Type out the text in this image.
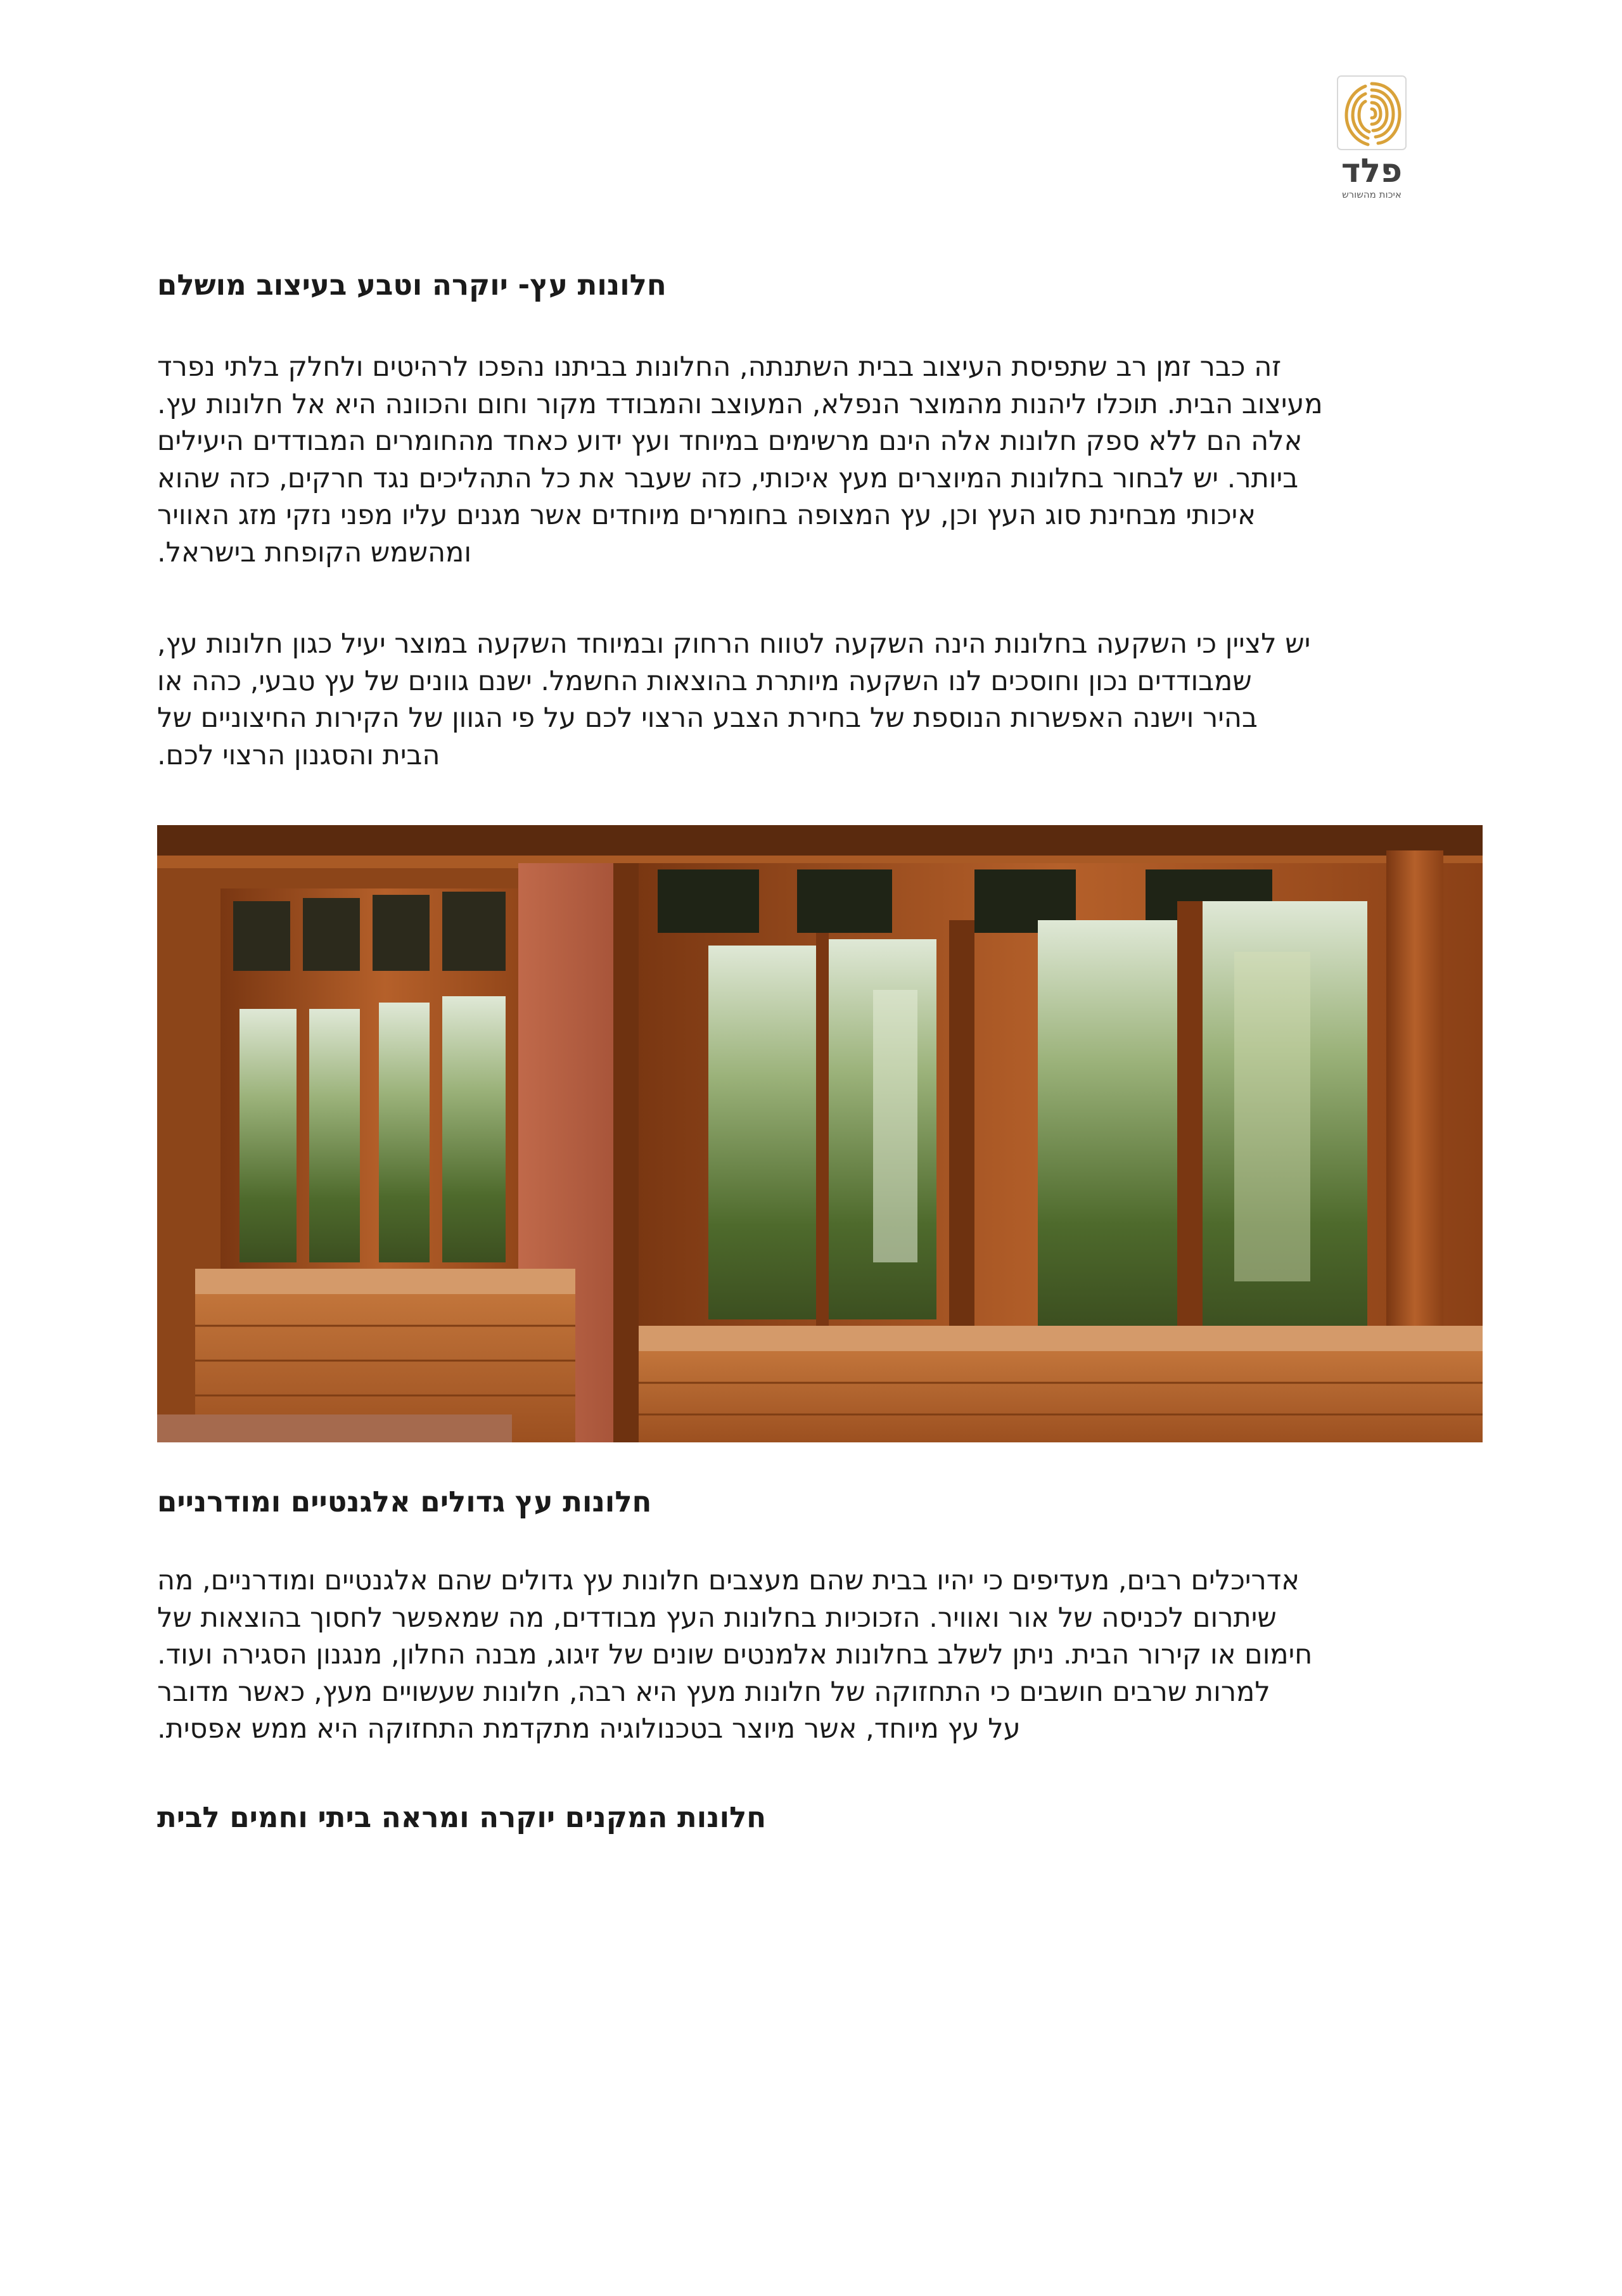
פלד
איכות מהשורש
חלונות עץ- יוקרה וטבע בעיצוב מושלם
זה כבר זמן רב שתפיסת העיצוב בבית השתנתה, החלונות בביתנו נהפכו לרהיטים ולחלק בלתי נפרד
מעיצוב הבית. תוכלו ליהנות מהמוצר הנפלא, המעוצב והמבודד מקור וחום והכוונה היא אל חלונות עץ.
אלה הם ללא ספק חלונות אלה הינם מרשימים במיוחד ועץ ידוע כאחד מהחומרים המבודדים היעילים
ביותר. יש לבחור בחלונות המיוצרים מעץ איכותי, כזה שעבר את כל התהליכים נגד חרקים, כזה שהוא
איכותי מבחינת סוג העץ וכן, עץ המצופה בחומרים מיוחדים אשר מגנים עליו מפני נזקי מזג האוויר
ומהשמש הקופחת בישראל.
יש לציין כי השקעה בחלונות הינה השקעה לטווח הרחוק ובמיוחד השקעה במוצר יעיל כגון חלונות עץ,
שמבודדים נכון וחוסכים לנו השקעה מיותרת בהוצאות החשמל. ישנם גוונים של עץ טבעי, כהה או
בהיר וישנה האפשרות הנוספת של בחירת הצבע הרצוי לכם על פי הגוון של הקירות החיצוניים של
הבית והסגנון הרצוי לכם.
חלונות עץ גדולים אלגנטיים ומודרניים
אדריכלים רבים, מעדיפים כי יהיו בבית שהם מעצבים חלונות עץ גדולים שהם אלגנטיים ומודרניים, מה
שיתרום לכניסה של אור ואוויר. הזכוכיות בחלונות העץ מבודדים, מה שמאפשר לחסוך בהוצאות של
חימום או קירור הבית. ניתן לשלב בחלונות אלמנטים שונים של זיגוג, מבנה החלון, מנגנון הסגירה ועוד.
למרות שרבים חושבים כי התחזוקה של חלונות מעץ היא רבה, חלונות שעשויים מעץ, כאשר מדובר
על עץ מיוחד, אשר מיוצר בטכנולוגיה מתקדמת התחזוקה היא ממש אפסית.
חלונות המקנים יוקרה ומראה ביתי וחמים לבית
